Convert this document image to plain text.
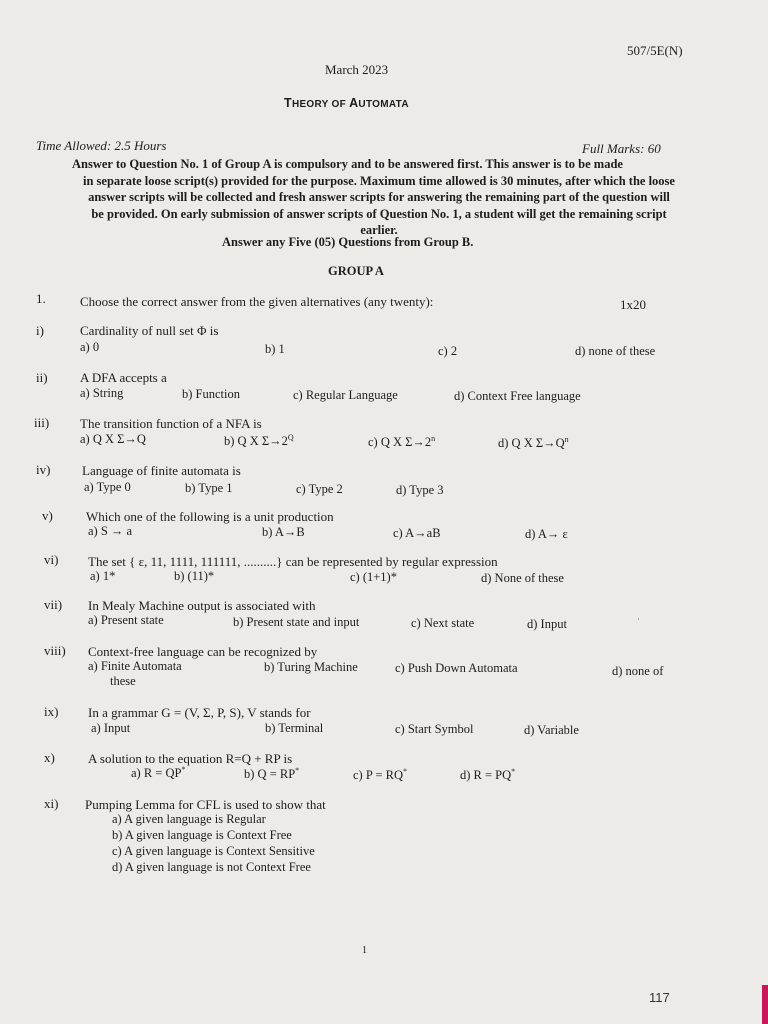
507/5E(N)
March 2023
THEORY OF AUTOMATA
Time Allowed: 2.5 Hours	Full Marks: 60
Answer to Question No. 1 of Group A is compulsory and to be answered first. This answer is to be made
in separate loose script(s) provided for the purpose. Maximum time allowed is 30 minutes, after which the loose
answer scripts will be collected and fresh answer scripts for answering the remaining part of the question will
be provided. On early submission of answer scripts of Question No. 1, a student will get the remaining script
earlier.
Answer any Five (05) Questions from Group B.
GROUP A
1.	Choose the correct answer from the given alternatives (any twenty):	1x20
i)	Cardinality of null set Φ is
a) 0	b) 1	c) 2	d) none of these
ii) A DFA accepts a
a) String	b) Function	c) Regular Language	d) Context Free language
iii) The transition function of a NFA is
a) Q X Σ→Q	b) Q X $\Sigma\to 2^Q$	c) Q X $\Sigma\to 2^n$	d) Q X $\Sigma\to Q^n$
iv) Language of finite automata is
a) Type 0	b) Type 1	c) Type 2	d) Type 3
v)	Which one of the following is a unit production
a) S → a	b) A→B	c) A→aB	d) A→ ε
vi) The set { ε, 11, 1111, 111111, ..........} can be represented by regular expression
a) 1*	b) (11)*	c) (1+1)*	d) None of these
vii) In Mealy Machine output is associated with
a) Present state	b) Present state and input	c) Next state	d) Input	·
viii) Context-free language can be recognized by
a) Finite Automata	b) Turing Machine	c) Push Down Automata	d) none of
these
ix) In a grammar G = (V, Σ, P, S), V stands for
a) Input	b) Terminal	c) Start Symbol	d) Variable
x)	A solution to the equation R=Q + RP is
a) R = QP*	b) Q = RP*	c) P = RQ*	d) R = PQ*
xi) Pumping Lemma for CFL is used to show that
a) A given language is Regular
b) A given language is Context Free
c) A given language is Context Sensitive
d) A given language is not Context Free
1
117
